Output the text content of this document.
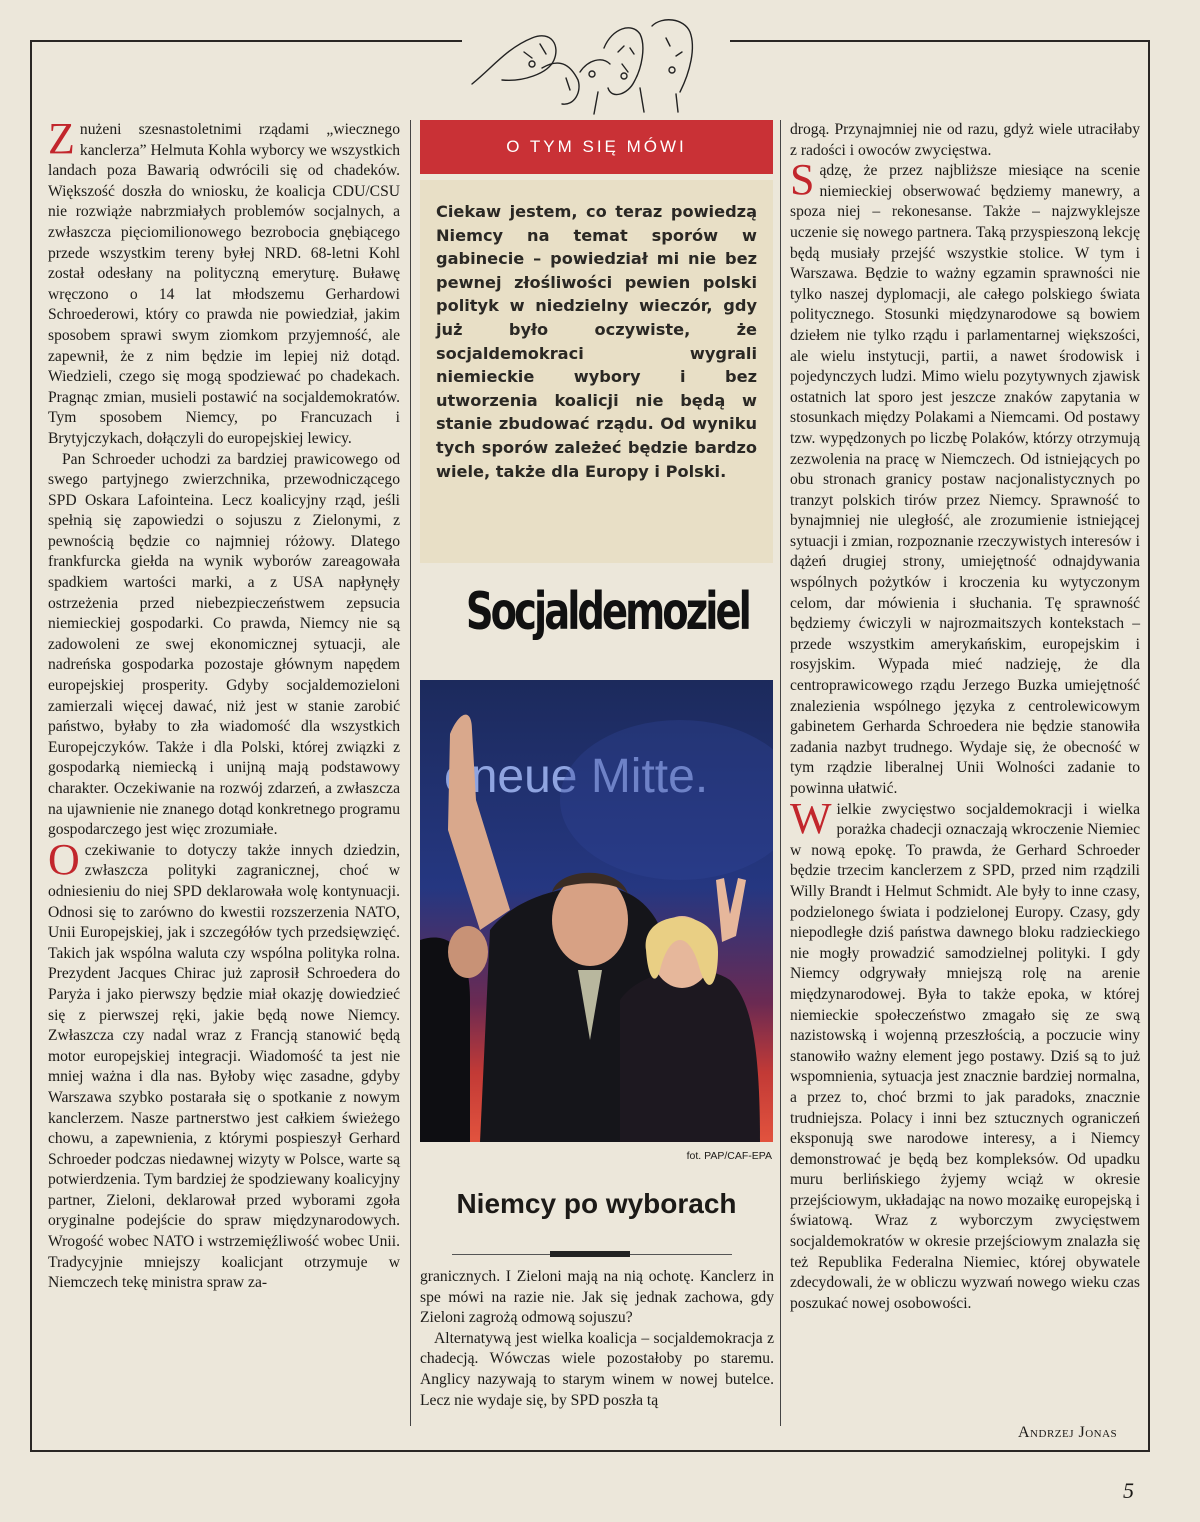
Znużeni szesnastoletnimi rządami „wiecznego kanclerza” Helmuta Kohla wyborcy we wszystkich landach poza Bawarią odwrócili się od chadeków. Większość doszła do wniosku, że koalicja CDU/CSU nie rozwiąże nabrzmiałych problemów socjalnych, a zwłaszcza pięciomilionowego bezrobocia gnębiącego przede wszystkim tereny byłej NRD. 68-letni Kohl został odesłany na polityczną emeryturę. Buławę wręczono o 14 lat młodszemu Gerhardowi Schroederowi, który co prawda nie powiedział, jakim sposobem sprawi swym ziomkom przyjemność, ale zapewnił, że z nim będzie im lepiej niż dotąd. Wiedzieli, czego się mogą spodziewać po chadekach. Pragnąc zmian, musieli postawić na socjaldemokratów. Tym sposobem Niemcy, po Francuzach i Brytyjczykach, dołączyli do europejskiej lewicy.

Pan Schroeder uchodzi za bardziej prawicowego od swego partyjnego zwierzchnika, przewodniczącego SPD Oskara Lafointeina. Lecz koalicyjny rząd, jeśli spełnią się zapowiedzi o sojuszu z Zielonymi, z pewnością będzie co najmniej różowy. Dlatego frankfurcka giełda na wynik wyborów zareagowała spadkiem wartości marki, a z USA napłynęły ostrzeżenia przed niebezpieczeństwem zepsucia niemieckiej gospodarki. Co prawda, Niemcy nie są zadowoleni ze swej ekonomicznej sytuacji, ale nadreńska gospodarka pozostaje głównym napędem europejskiej prosperity. Gdyby socjaldemozieloni zamierzali więcej dawać, niż jest w stanie zarobić państwo, byłaby to zła wiadomość dla wszystkich Europejczyków. Także i dla Polski, której związki z gospodarką niemiecką i unijną mają podstawowy charakter. Oczekiwanie na rozwój zdarzeń, a zwłaszcza na ujawnienie nie znanego dotąd konkretnego programu gospodarczego jest więc zrozumiałe.

Oczekiwanie to dotyczy także innych dziedzin, zwłaszcza polityki zagranicznej, choć w odniesieniu do niej SPD deklarowała wolę kontynuacji. Odnosi się to zarówno do kwestii rozszerzenia NATO, Unii Europejskiej, jak i szczegółów tych przedsięwzięć. Takich jak wspólna waluta czy wspólna polityka rolna. Prezydent Jacques Chirac już zaprosił Schroedera do Paryża i jako pierwszy będzie miał okazję dowiedzieć się z pierwszej ręki, jakie będą nowe Niemcy. Zwłaszcza czy nadal wraz z Francją stanowić będą motor europejskiej integracji. Wiadomość ta jest nie mniej ważna i dla nas. Byłoby więc zasadne, gdyby Warszawa szybko postarała się o spotkanie z nowym kanclerzem. Nasze partnerstwo jest całkiem świeżego chowu, a zapewnienia, z którymi pospieszył Gerhard Schroeder podczas niedawnej wizyty w Polsce, warte są potwierdzenia. Tym bardziej że spodziewany koalicyjny partner, Zieloni, deklarował przed wyborami zgoła oryginalne podejście do spraw międzynarodowych. Wrogość wobec NATO i wstrzemięźliwość wobec Unii. Tradycyjnie mniejszy koalicjant otrzymuje w Niemczech tekę ministra spraw za-

O TYM SIĘ MÓWI
Ciekaw jestem, co teraz powiedzą Niemcy na temat sporów w gabinecie – powiedział mi nie bez pewnej złośliwości pewien polski polityk w niedzielny wieczór, gdy już było oczywiste, że socjaldemokraci wygrali niemieckie wybory i bez utworzenia koalicji nie będą w stanie zbudować rządu. Od wyniku tych sporów zależeć będzie bardzo wiele, także dla Europy i Polski.
Socjaldemoziel
eneue Mitte.
fot. PAP/CAF-EPA
Niemcy po wyborach

granicznych. I Zieloni mają na nią ochotę. Kanclerz in spe mówi na razie nie. Jak się jednak zachowa, gdy Zieloni zagrożą odmową sojuszu?

Alternatywą jest wielka koalicja – socjaldemokracja z chadecją. Wówczas wiele pozostałoby po staremu. Anglicy nazywają to starym winem w nowej butelce. Lecz nie wydaje się, by SPD poszła tą

drogą. Przynajmniej nie od razu, gdyż wiele utraciłaby z radości i owoców zwycięstwa.

Sądzę, że przez najbliższe miesiące na scenie niemieckiej obserwować będziemy manewry, a spoza niej – rekonesanse. Także – najzwyklejsze uczenie się nowego partnera. Taką przyspieszoną lekcję będą musiały przejść wszystkie stolice. W tym i Warszawa. Będzie to ważny egzamin sprawności nie tylko naszej dyplomacji, ale całego polskiego świata politycznego. Stosunki międzynarodowe są bowiem dziełem nie tylko rządu i parlamentarnej większości, ale wielu instytucji, partii, a nawet środowisk i pojedynczych ludzi. Mimo wielu pozytywnych zjawisk ostatnich lat sporo jest jeszcze znaków zapytania w stosunkach między Polakami a Niemcami. Od postawy tzw. wypędzonych po liczbę Polaków, którzy otrzymują zezwolenia na pracę w Niemczech. Od istniejących po obu stronach granicy postaw nacjonalistycznych po tranzyt polskich tirów przez Niemcy. Sprawność to bynajmniej nie uległość, ale zrozumienie istniejącej sytuacji i zmian, rozpoznanie rzeczywistych interesów i dążeń drugiej strony, umiejętność odnajdywania wspólnych pożytków i kroczenia ku wytyczonym celom, dar mówienia i słuchania. Tę sprawność będziemy ćwiczyli w najrozmaitszych kontekstach – przede wszystkim amerykańskim, europejskim i rosyjskim. Wypada mieć nadzieję, że dla centroprawicowego rządu Jerzego Buzka umiejętność znalezienia wspólnego języka z centrolewicowym gabinetem Gerharda Schroedera nie będzie stanowiła zadania nazbyt trudnego. Wydaje się, że obecność w tym rządzie liberalnej Unii Wolności zadanie to powinna ułatwić.

Wielkie zwycięstwo socjaldemokracji i wielka porażka chadecji oznaczają wkroczenie Niemiec w nową epokę. To prawda, że Gerhard Schroeder będzie trzecim kanclerzem z SPD, przed nim rządzili Willy Brandt i Helmut Schmidt. Ale były to inne czasy, podzielonego świata i podzielonej Europy. Czasy, gdy niepodległe dziś państwa dawnego bloku radzieckiego nie mogły prowadzić samodzielnej polityki. I gdy Niemcy odgrywały mniejszą rolę na arenie międzynarodowej. Była to także epoka, w której niemieckie społeczeństwo zmagało się ze swą nazistowską i wojenną przeszłością, a poczucie winy stanowiło ważny element jego postawy. Dziś są to już wspomnienia, sytuacja jest znacznie bardziej normalna, a przez to, choć brzmi to jak paradoks, znacznie trudniejsza. Polacy i inni bez sztucznych ograniczeń eksponują swe narodowe interesy, a i Niemcy demonstrować je będą bez kompleksów. Od upadku muru berlińskiego żyjemy wciąż w okresie przejściowym, układając na nowo mozaikę europejską i światową. Wraz z wyborczym zwycięstwem socjaldemokratów w okresie przejściowym znalazła się też Republika Federalna Niemiec, której obywatele zdecydowali, że w obliczu wyzwań nowego wieku czas poszukać nowej osobowości.

Andrzej Jonas
5
